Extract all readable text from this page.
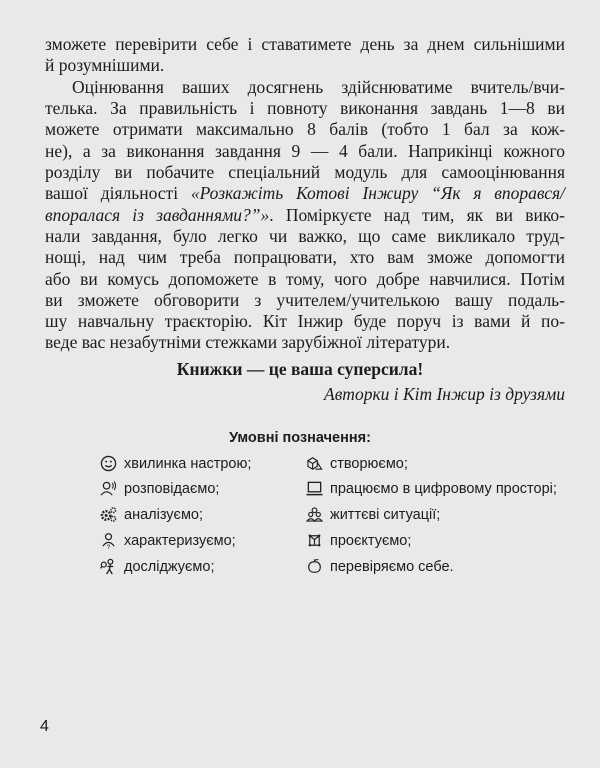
зможете перевірити себе і ставатимете день за днем сильнішими
й розумнішими.
Оцінювання ваших досягнень здійснюватиме вчитель/вчи-
телька. За правильність і повноту виконання завдань 1—8 ви
можете отримати максимально 8 балів (тобто 1 бал за кож-
не), а за виконання завдання 9 — 4 бали. Наприкінці кожного
розділу ви побачите спеціальний модуль для самооцінювання
вашої діяльності «Розкажіть Котові Інжиру “Як я впорався/
впоралася із завданнями?”». Поміркуєте над тим, як ви вико-
нали завдання, було легко чи важко, що саме викликало труд-
нощі, над чим треба попрацювати, хто вам зможе допомогти
або ви комусь допоможете в тому, чого добре навчилися. Потім
ви зможете обговорити з учителем/учителькою вашу подаль-
шу навчальну траєкторію. Кіт Інжир буде поруч із вами й по-
веде вас незабутніми стежками зарубіжної літератури.
Книжки — це ваша суперсила!
Авторки і Кіт Інжир із друзями
Умовні позначення:
хвилинка настрою;
розповідаємо;
аналізуємо;
? характеризуємо;
досліджуємо;
створюємо;
працюємо в цифровому просторі;
життєві ситуації;
проєктуємо;
перевіряємо себе.
4
